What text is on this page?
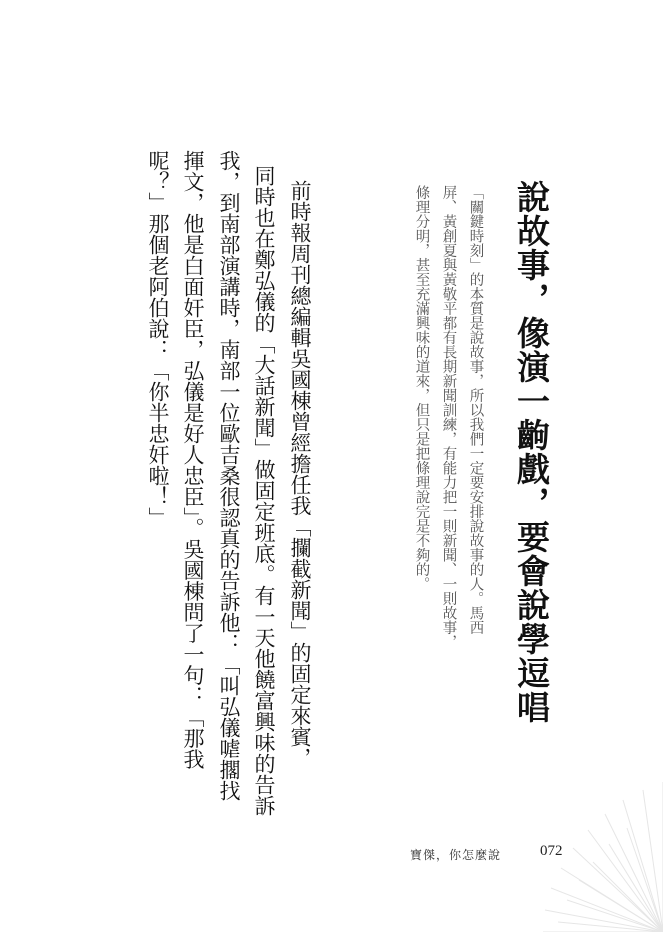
說故事，像演一齣戲，要會說學逗唱
「關鍵時刻」的本質是說故事，所以我們一定要安排說故事的人。馬西
屏、黃創夏與黃敬平都有長期新聞訓練，有能力把一則新聞、一則故事，
條理分明，甚至充滿興味的道來，但只是把條理說完是不夠的。
前時報周刊總編輯吳國棟曾經擔任我「攔截新聞」的固定來賓，
同時也在鄭弘儀的「大話新聞」做固定班底。有一天他饒富興味的告訴
我，到南部演講時，南部一位歐吉桑很認真的告訴他：「叫弘儀㖸擱找
揮文，他是白面奸臣，弘儀是好人忠臣」。吳國棟問了一句：「那我
呢？」那個老阿伯說：「你半忠奸啦！」
寶傑，你怎麼說	072
